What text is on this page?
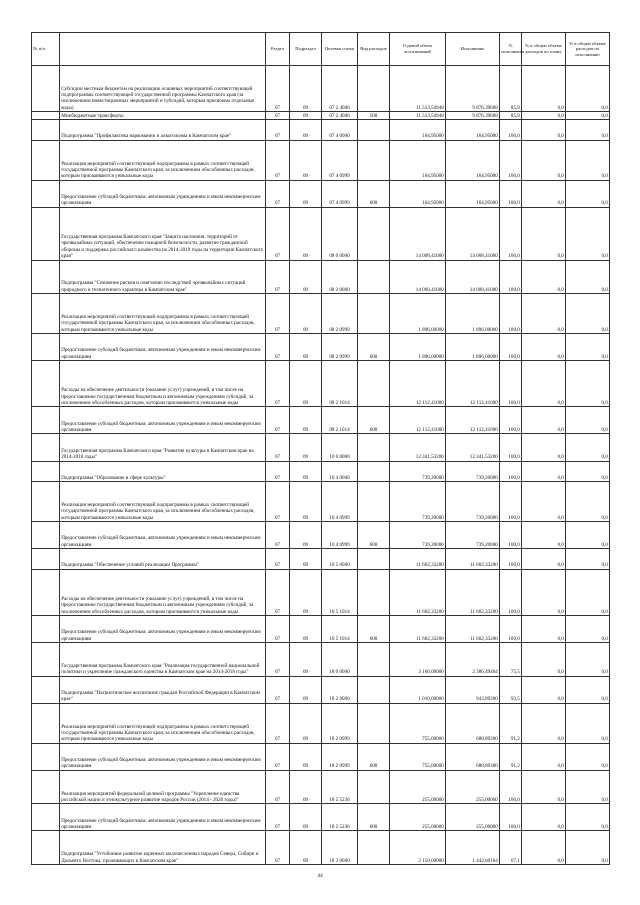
№ п/п		Раздел	Подраздел	Целевая статья	Вид расходов	Годовой объем ассигнований	Исполнение	% исполнения	% в общем объеме расходов по плану	% в общем объеме расходов по исполнению
	Субсидии местным бюджетам на реализацию основных мероприятий соответствующей подпрограммы соответствующей государственной программы Камчатского края (за исключением инвестиционных мероприятий и субсидий, которым присвоены отдельные коды)	07	09	07 2 4006		11 513,54948	9 876,39608	85,8	0,0	0,0
	Межбюджетные трансферты	07	09	07 2 4006	500	11 513,54948	9 876,39608	85,8	0,0	0,0
	Подпрограмма "Профилактика наркомании и алкоголизма в Камчатском крае"	07	09	07 4 0000		164,95000	164,95000	100,0	0,0	0,0
	Реализация мероприятий соответствующей подпрограммы в рамках соответствующей государственной программы Камчатского края, за исключением обособленных расходов, которым присваиваются уникальные коды	07	09	07 4 0999		164,95000	164,95000	100,0	0,0	0,0
	Предоставление субсидий бюджетным, автономным учреждениям и иным некоммерческим организациям	07	09	07 4 0999	600	164,95000	164,95000	100,0	0,0	0,0
	Государственная программа Камчатского края "Защита населения, территорий от чрезвычайных ситуаций, обеспечение пожарной безопасности, развитие гражданской обороны и поддержка российского казачества на 2014-2018 годы на территории Камчатского края"	07	09	08 0 0000		14 008,41000	14 008,41000	100,0	0,0	0,0
	Подпрограмма "Снижение рисков и смягчение последствий чрезвычайных ситуаций природного и техногенного характера в Камчатском крае"	07	09	08 2 0000		14 008,41000	14 008,41000	100,0	0,0	0,0
	Реализация мероприятий соответствующей подпрограммы в рамках соответствующей государственной программы Камчатского края, за исключением обособленных расходов, которым присваиваются уникальные коды	07	09	08 2 0999		1 896,00000	1 896,00000	100,0	0,0	0,0
	Предоставление субсидий бюджетным, автономным учреждениям и иным некоммерческим организациям	07	09	08 2 0999	600	1 896,00000	1 896,00000	100,0	0,0	0,0
	Расходы на обеспечение деятельности (оказание услуг) учреждений, в том числе на предоставление государственным бюджетным и автономным учреждениям субсидий, за исключением обособленных расходов, которым присваиваются уникальные коды	07	09	08 2 1014		12 112,41000	12 112,41000	100,0	0,0	0,0
	Предоставление субсидий бюджетным, автономным учреждениям и иным некоммерческим организациям	07	09	08 2 1014	600	12 112,41000	12 112,41000	100,0	0,0	0,0
	Государственная программа Камчатского края "Развитие культуры в Камчатском крае на 2014-2018 годы"	07	09	10 0 0000		12 341,53200	12 341,53200	100,0	0,0	0,0
	Подпрограмма "Образование в сфере культуры"	07	09	10 4 0000		739,20000	739,20000	100,0	0,0	0,0
	Реализация мероприятий соответствующей подпрограммы в рамках соответствующей государственной программы Камчатского края, за исключением обособленных расходов, которым присваиваются уникальные коды	07	09	10 4 0999		739,20000	739,20000	100,0	0,0	0,0
	Предоставление субсидий бюджетным, автономным учреждениям и иным некоммерческим организациям	07	09	10 4 0999	600	739,20000	739,20000	100,0	0,0	0,0
	Подпрограмма "Обеспечение условий реализации Программы"	07	09	10 5 0000		11 602,33200	11 602,33200	100,0	0,0	0,0
	Расходы на обеспечение деятельности (оказание услуг) учреждений, в том числе на предоставление государственным бюджетным и автономным учреждениям субсидий, за исключением обособленных расходов, которым присваиваются уникальные коды	07	09	10 5 1014		11 602,33200	11 602,33200	100,0	0,0	0,0
	Предоставление субсидий бюджетным, автономным учреждениям и иным некоммерческим организациям	07	09	10 5 1014	600	11 602,33200	11 602,33200	100,0	0,0	0,0
	Государственная программа Камчатского края "Реализация государственной национальной политики и укрепление гражданского единства в Камчатском крае на 2014-2018 годы"	07	09	18 0 0000		3 160,00000	2 386,49464	75,5	0,0	0,0
	Подпрограмма "Патриотическое воспитание граждан Российской Федерации в Камчатском крае"	07	09	18 2 0000		1 010,00000	943,89300	93,5	0,0	0,0
	Реализация мероприятий соответствующей подпрограммы в рамках соответствующей государственной программы Камчатского края, за исключением обособленных расходов, которым присваиваются уникальные коды	07	09	18 2 0999		755,00000	688,89300	91,2	0,0	0,0
	Предоставление субсидий бюджетным, автономным учреждениям и иным некоммерческим организациям	07	09	18 2 0999	600	755,00000	688,89300	91,2	0,0	0,0
	Реализация мероприятий федеральной целевой программы "Укрепление единства российской нации и этнокультурное развитие народов России (2014 - 2020 годы)"	07	09	18 2 5236		255,00000	255,00000	100,0	0,0	0,0
	Предоставление субсидий бюджетным, автономным учреждениям и иным некоммерческим организациям	07	09	18 2 5236	600	255,00000	255,00000	100,0	0,0	0,0
	Подпрограмма "Устойчивое развитие коренных малочисленных народов Севера, Сибири и Дальнего Востока, проживающих в Камчатском крае"	07	09	18 3 0000		2 150,00000	1 442,60164	67,1	0,0	0,0
44
